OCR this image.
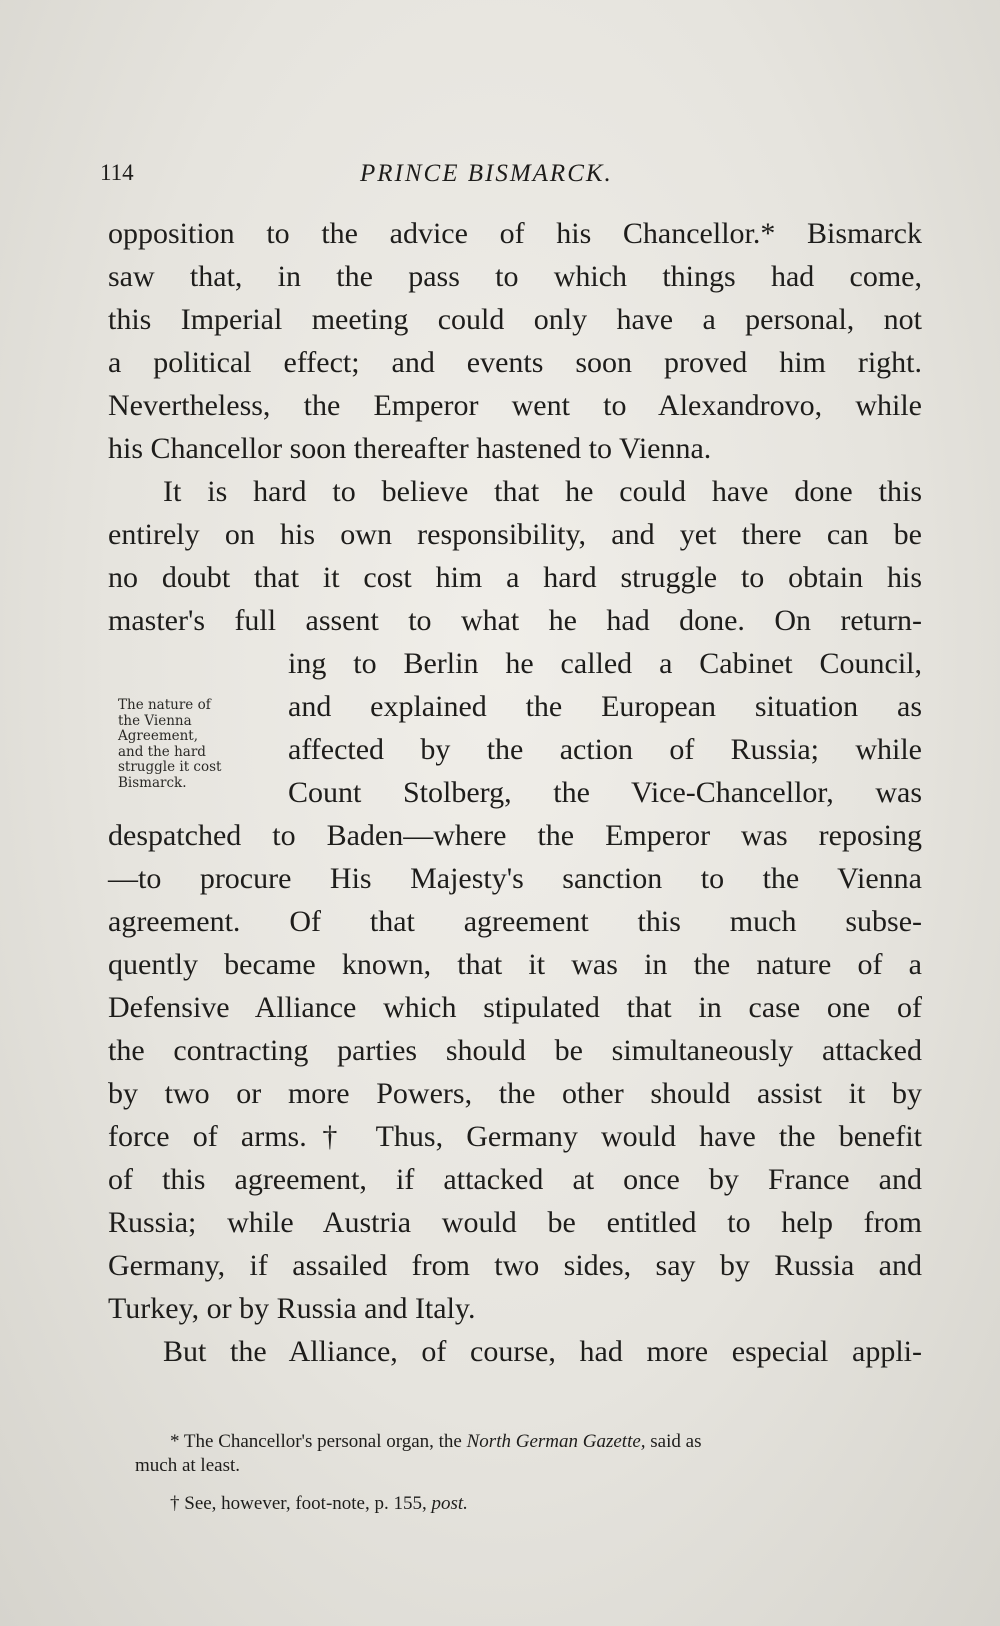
114	PRINCE BISMARCK.
opposition to the advice of his Chancellor.* Bismarck
saw that, in the pass to which things had come,
this Imperial meeting could only have a personal, not
a political effect; and events soon proved him right.
Nevertheless, the Emperor went to Alexandrovo, while
his Chancellor soon thereafter hastened to Vienna.
It is hard to believe that he could have done this
entirely on his own responsibility, and yet there can be
no doubt that it cost him a hard struggle to obtain his
master's full assent to what he had done. On return-
ing to Berlin he called a Cabinet Council,
and explained the European situation as
affected by the action of Russia; while
Count Stolberg, the Vice-Chancellor, was
despatched to Baden—where the Emperor was reposing
—to procure His Majesty's sanction to the Vienna
agreement. Of that agreement this much subse-
quently became known, that it was in the nature of a
Defensive Alliance which stipulated that in case one of
the contracting parties should be simultaneously attacked
by two or more Powers, the other should assist it by
force of arms.† Thus, Germany would have the benefit
of this agreement, if attacked at once by France and
Russia; while Austria would be entitled to help from
Germany, if assailed from two sides, say by Russia and
Turkey, or by Russia and Italy.
But the Alliance, of course, had more especial appli-
The nature of
the Vienna
Agreement,
and the hard
struggle it cost
Bismarck.
* The Chancellor's personal organ, the North German Gazette, said as
much at least.
† See, however, foot-note, p. 155, post.
